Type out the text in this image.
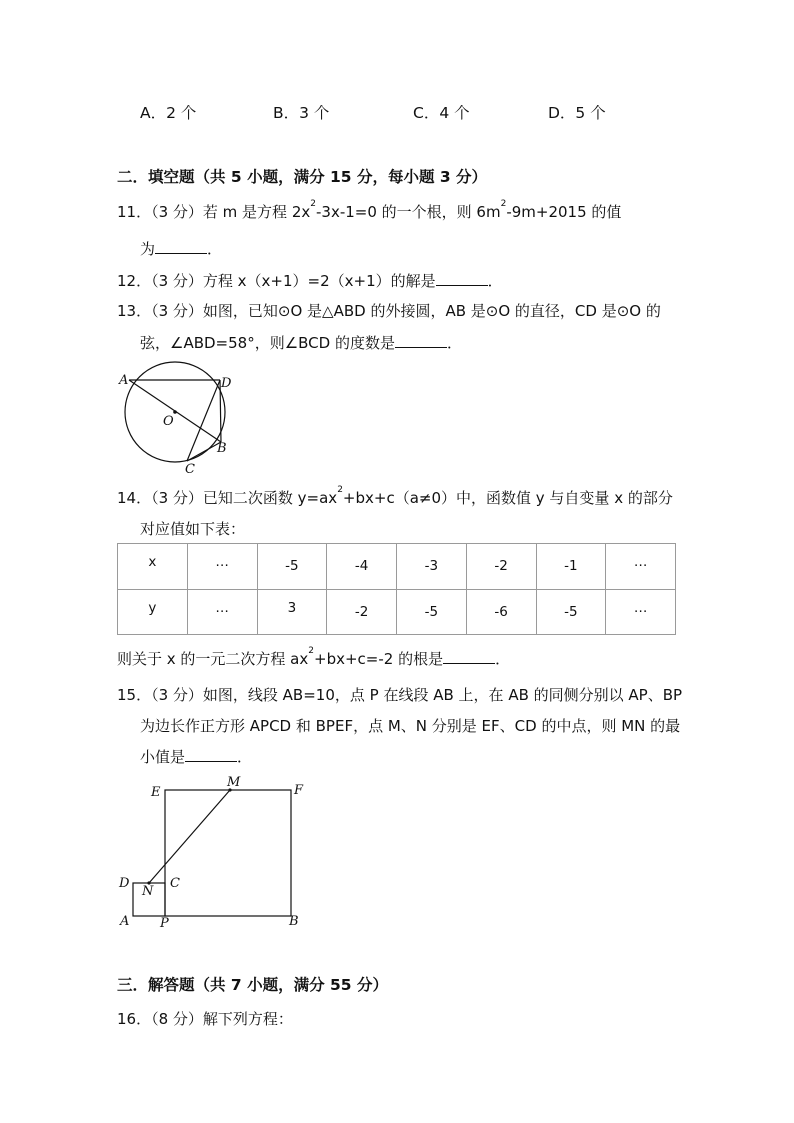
A．2 个	B．3 个	C．4 个	D．5 个
二．填空题（共 5 小题，满分 15 分，每小题 3 分）
11．（3 分）若 m 是方程 $2x^2-3x-1=0$ 的一个根，则 $6m^2-9m+2015$ 的值
为	．
12．（3 分）方程 x（x+1）=2（x+1）的解是	．
13．（3 分）如图，已知⊙O 是△ABD 的外接圆，AB 是⊙O 的直径，CD 是⊙O 的
弦，∠ABD=58°，则∠BCD 的度数是	．
A	D
O
B
C
14．（3 分）已知二次函数 $y=ax^2+bx+c(a\ne 0)$中，函数值 y 与自变量 x 的部分
对应值如下表：
x	…	-5	-4	-3	-2	-1	…
y	…	3	-2	-5	-6	-5	…
则关于 x 的一元二次方程 $ax^2+bx+c=-2$ 的根是	．
15．（3 分）如图，线段 AB=10，点 P 在线段 AB 上，在 AB 的同侧分别以 AP、BP
为边长作正方形 APCD 和 BPEF，点 M、N 分别是 EF、CD 的中点，则 MN 的最
小值是	．
E
M
F
D
N
C
A P	B
三．解答题（共 7 小题，满分 55 分）
16．（8 分）解下列方程：
